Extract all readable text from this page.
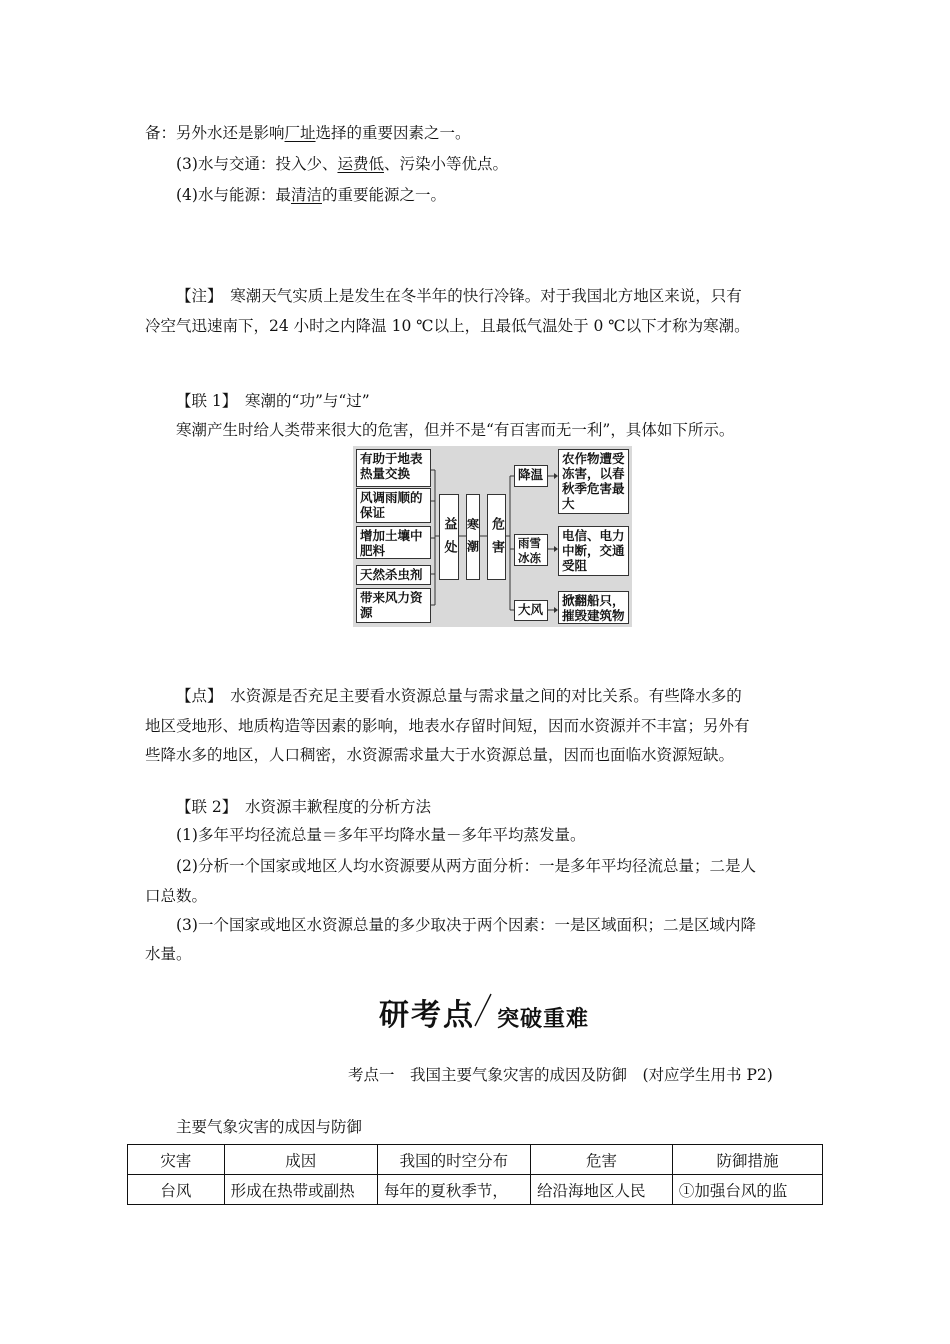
备：另外水还是影响厂址选择的重要因素之一。
(3)水与交通：投入少、运费低、污染小等优点。
(4)水与能源：最清洁的重要能源之一。
【注】　寒潮天气实质上是发生在冬半年的快行冷锋。对于我国北方地区来说，只有
冷空气迅速南下，24 小时之内降温 10 ℃以上，且最低气温处于 0 ℃以下才称为寒潮。
【联 1】　寒潮的“功”与“过”
寒潮产生时给人类带来很大的危害，但并不是“有百害而无一利”，具体如下所示。
有助于地表热量交换
风调雨顺的保证
增加土壤中肥料
天然杀虫剂
带来风力资源
益处 寒潮 危害
降温
雨雪冰冻
大风
农作物遭受冻害，以春秋季危害最大
电信、电力中断，交通受阻
掀翻船只，摧毁建筑物
【点】　水资源是否充足主要看水资源总量与需求量之间的对比关系。有些降水多的
地区受地形、地质构造等因素的影响，地表水存留时间短，因而水资源并不丰富；另外有
些降水多的地区，人口稠密，水资源需求量大于水资源总量，因而也面临水资源短缺。
【联 2】　水资源丰歉程度的分析方法
(1)多年平均径流总量＝多年平均降水量－多年平均蒸发量。
(2)分析一个国家或地区人均水资源要从两方面分析：一是多年平均径流总量；二是人
口总数。
(3)一个国家或地区水资源总量的多少取决于两个因素：一是区域面积；二是区域内降
水量。
研考点 突破重难
考点一　我国主要气象灾害的成因及防御　(对应学生用书 P2)
主要气象灾害的成因与防御
灾害	成因	我国的时空分布	危害	防御措施
台风	形成在热带或副热	每年的夏秋季节，	给沿海地区人民	①加强台风的监
